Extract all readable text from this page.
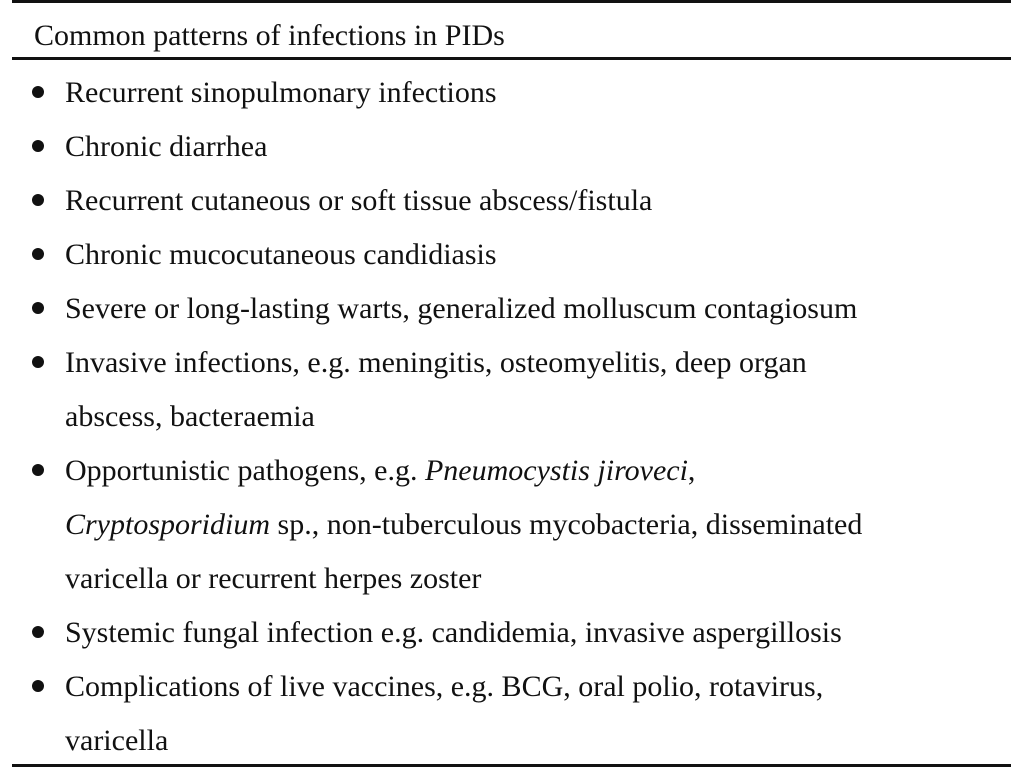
Common patterns of infections in PIDs
Recurrent sinopulmonary infections
Chronic diarrhea
Recurrent cutaneous or soft tissue abscess/fistula
Chronic mucocutaneous candidiasis
Severe or long-lasting warts, generalized molluscum contagiosum
Invasive infections, e.g. meningitis, osteomyelitis, deep organ
abscess, bacteraemia
Opportunistic pathogens, e.g. Pneumocystis jiroveci,
Cryptosporidium sp., non-tuberculous mycobacteria, disseminated
varicella or recurrent herpes zoster
Systemic fungal infection e.g. candidemia, invasive aspergillosis
Complications of live vaccines, e.g. BCG, oral polio, rotavirus,
varicella
